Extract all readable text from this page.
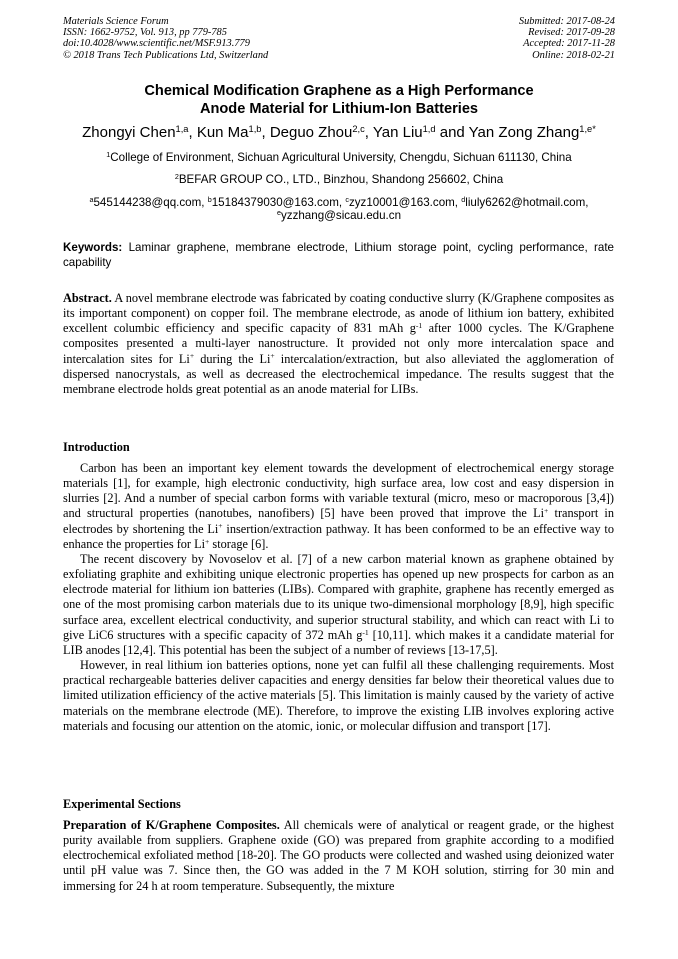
Materials Science Forum
ISSN: 1662-9752, Vol. 913, pp 779-785
doi:10.4028/www.scientific.net/MSF.913.779
© 2018 Trans Tech Publications Ltd, Switzerland
Submitted: 2017-08-24
Revised: 2017-09-28
Accepted: 2017-11-28
Online: 2018-02-21
Chemical Modification Graphene as a High Performance
Anode Material for Lithium-Ion Batteries
Zhongyi Chen$^{1,a}$, Kun Ma$^{1,b}$, Deguo Zhou$^{2,c}$, Yan Liu$^{1,d}$ and Yan Zong Zhang$^{1,e*}$
$^1$College of Environment, Sichuan Agricultural University, Chengdu, Sichuan 611130, China
$^2$BEFAR GROUP CO., LTD., Binzhou, Shandong 256602, China
$^a$545144238@qq.com, $^b$15184379030@163.com, $^c$zyz10001@163.com, $^d$liuly6262@hotmail.com,
$^e$yzzhang@sicau.edu.cn
Keywords: Laminar graphene, membrane electrode, Lithium storage point, cycling performance, rate capability
Abstract. A novel membrane electrode was fabricated by coating conductive slurry (K/Graphene composites as its important component) on copper foil. The membrane electrode, as anode of lithium ion battery, exhibited excellent columbic efficiency and specific capacity of 831 mAh $g^{-1}$ after 1000 cycles. The K/Graphene composites presented a multi-layer nanostructure. It provided not only more intercalation space and intercalation sites for Li+ during the Li+ intercalation/extraction, but also alleviated the agglomeration of dispersed nanocrystals, as well as decreased the electrochemical impedance. The results suggest that the membrane electrode holds great potential as an anode material for LIBs.
Introduction

Carbon has been an important key element towards the development of electrochemical energy storage materials [1], for example, high electronic conductivity, high surface area, low cost and easy dispersion in slurries [2]. And a number of special carbon forms with variable textural (micro, meso or macroporous [3,4]) and structural properties (nanotubes, nanofibers) [5] have been proved that improve the Li+ transport in electrodes by shortening the Li+ insertion/extraction pathway. It has been conformed to be an effective way to enhance the properties for Li+ storage [6].

The recent discovery by Novoselov et al. [7] of a new carbon material known as graphene obtained by exfoliating graphite and exhibiting unique electronic properties has opened up new prospects for carbon as an electrode material for lithium ion batteries (LIBs). Compared with graphite, graphene has recently emerged as one of the most promising carbon materials due to its unique two-dimensional morphology [8,9], high specific surface area, excellent electrical conductivity, and superior structural stability, and which can react with Li to give LiC6 structures with a specific capacity of 372 mAh $g^{-1}$ [10,11]. which makes it a candidate material for LIB anodes [12,4]. This potential has been the subject of a number of reviews [13-17,5].

However, in real lithium ion batteries options, none yet can fulfil all these challenging requirements. Most practical rechargeable batteries deliver capacities and energy densities far below their theoretical values due to limited utilization efficiency of the active materials [5]. This limitation is mainly caused by the variety of active materials on the membrane electrode (ME). Therefore, to improve the existing LIB involves exploring active materials and focusing our attention on the atomic, ionic, or molecular diffusion and transport [17].

Experimental Sections

Preparation of K/Graphene Composites. All chemicals were of analytical or reagent grade, or the highest purity available from suppliers. Graphene oxide (GO) was prepared from graphite according to a modified electrochemical exfoliated method [18-20]. The GO products were collected and washed using deionized water until pH value was 7. Since then, the GO was added in the 7 M KOH solution, stirring for 30 min and immersing for 24 h at room temperature. Subsequently, the mixture
